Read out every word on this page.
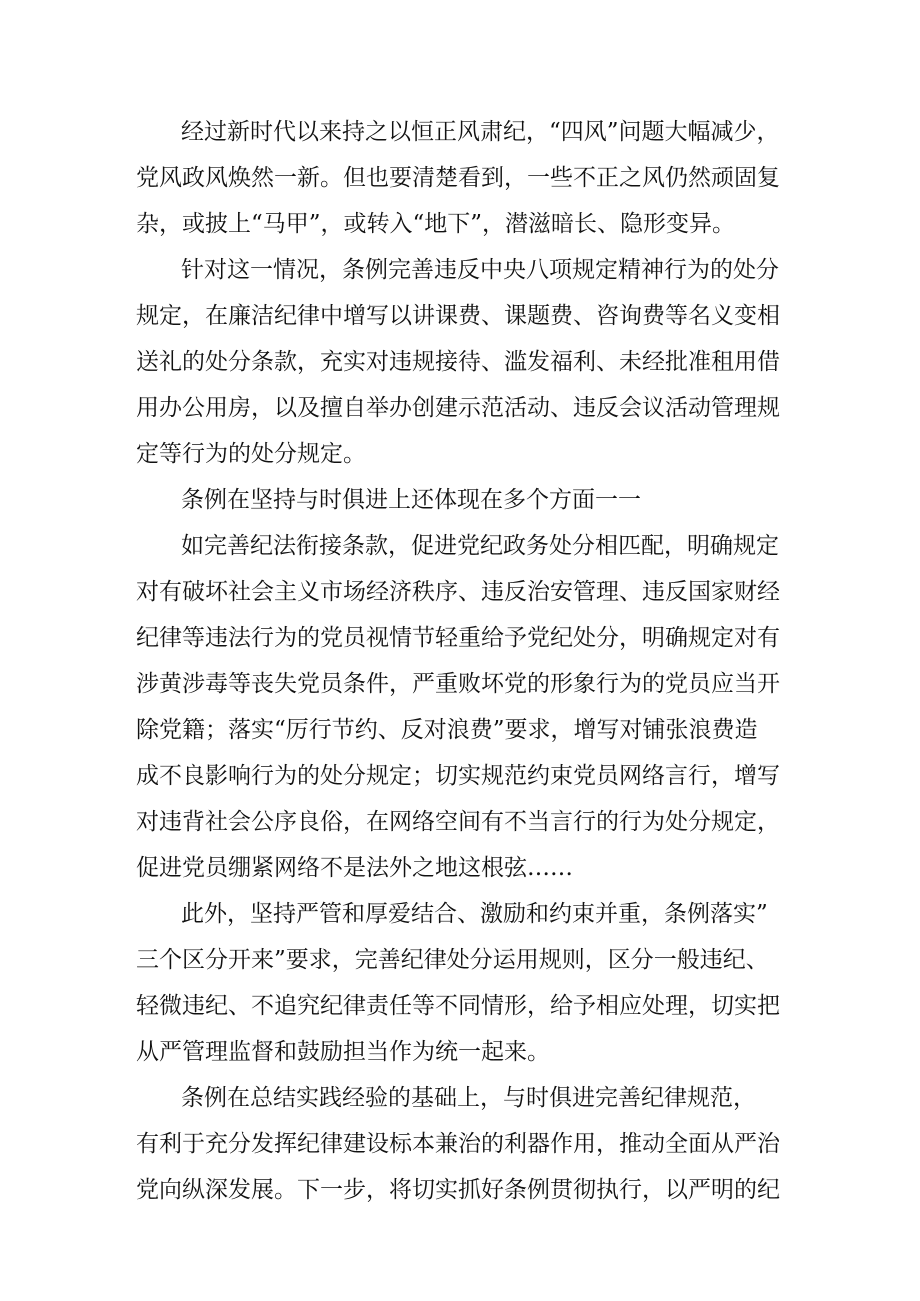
经过新时代以来持之以恒正风肃纪，“四风”问题大幅减少，
党风政风焕然一新。但也要清楚看到，一些不正之风仍然顽固复
杂，或披上“马甲”，或转入“地下”，潜滋暗长、隐形变异。
针对这一情况，条例完善违反中央八项规定精神行为的处分
规定，在廉洁纪律中增写以讲课费、课题费、咨询费等名义变相
送礼的处分条款，充实对违规接待、滥发福利、未经批准租用借
用办公用房，以及擅自举办创建示范活动、违反会议活动管理规
定等行为的处分规定。
条例在坚持与时俱进上还体现在多个方面一一
如完善纪法衔接条款，促进党纪政务处分相匹配，明确规定
对有破坏社会主义市场经济秩序、违反治安管理、违反国家财经
纪律等违法行为的党员视情节轻重给予党纪处分，明确规定对有
涉黄涉毒等丧失党员条件，严重败坏党的形象行为的党员应当开
除党籍；落实“厉行节约、反对浪费”要求，增写对铺张浪费造
成不良影响行为的处分规定；切实规范约束党员网络言行，增写
对违背社会公序良俗，在网络空间有不当言行的行为处分规定，
促进党员绷紧网络不是法外之地这根弦……
此外，坚持严管和厚爱结合、激励和约束并重，条例落实”
三个区分开来”要求，完善纪律处分运用规则，区分一般违纪、
轻微违纪、不追究纪律责任等不同情形，给予相应处理，切实把
从严管理监督和鼓励担当作为统一起来。
条例在总结实践经验的基础上，与时俱进完善纪律规范，
有利于充分发挥纪律建设标本兼治的利器作用，推动全面从严治
党向纵深发展。下一步，将切实抓好条例贯彻执行，以严明的纪
